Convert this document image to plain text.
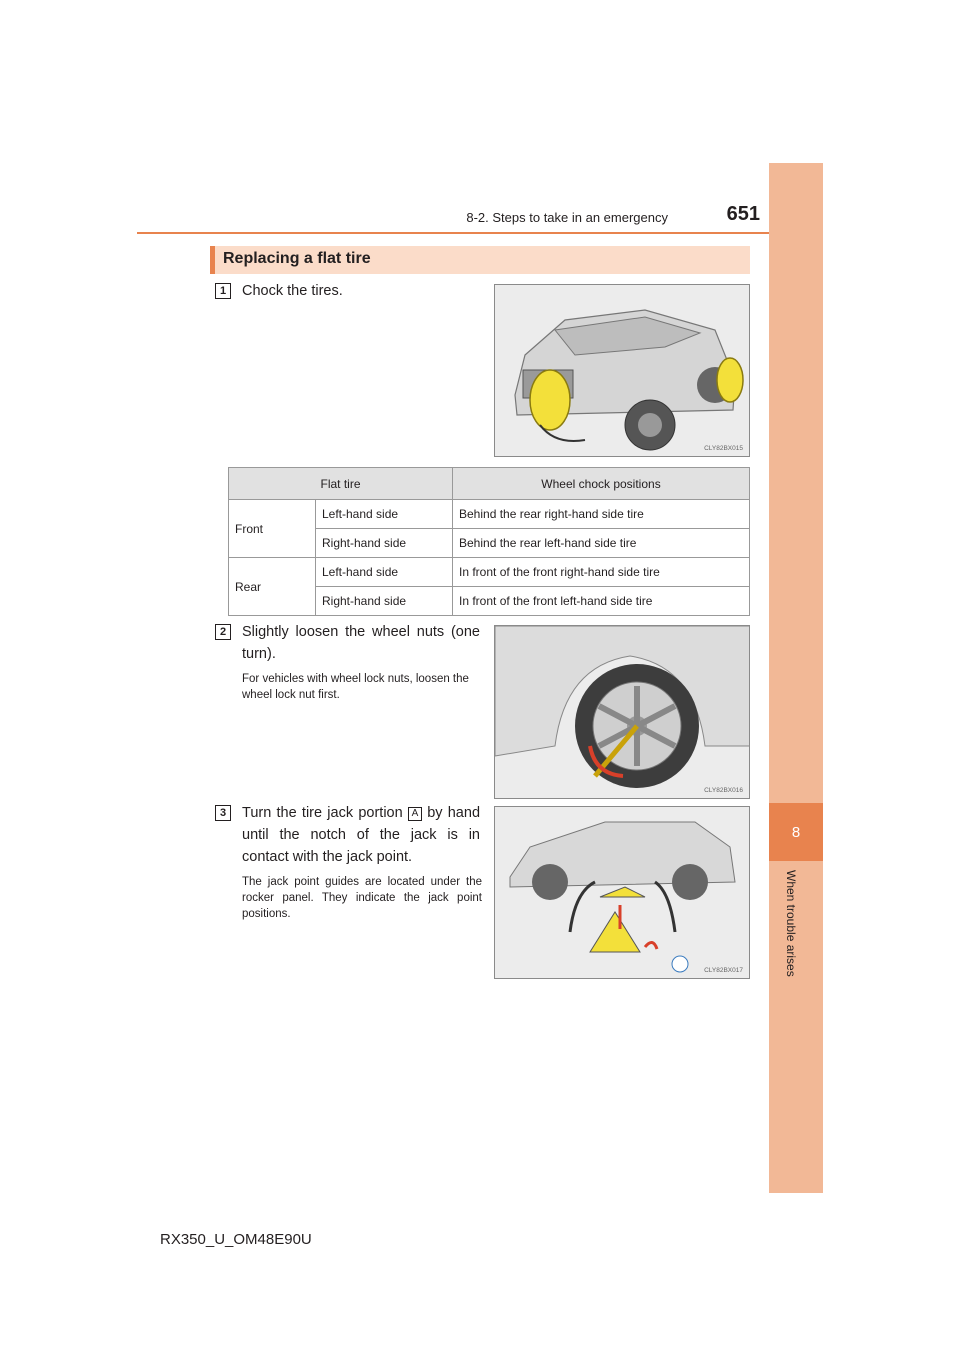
8-2. Steps to take in an emergency	651
8
When trouble arises
Replacing a flat tire
1	Chock the tires.
CLY82BX015
Flat tire		Wheel chock positions
Front	Left-hand side	Behind the rear right-hand side tire
	Right-hand side	Behind the rear left-hand side tire
Rear	Left-hand side	In front of the front right-hand side tire
	Right-hand side	In front of the front left-hand side tire
2	Slightly loosen the wheel nuts (one turn).
For vehicles with wheel lock nuts, loosen the wheel lock nut first.
CLY82BX016
3	Turn the tire jack portion A by hand until the notch of the jack is in contact with the jack point.
The jack point guides are located under the rocker panel. They indicate the jack point positions.
CLY82BX017
RX350_U_OM48E90U
